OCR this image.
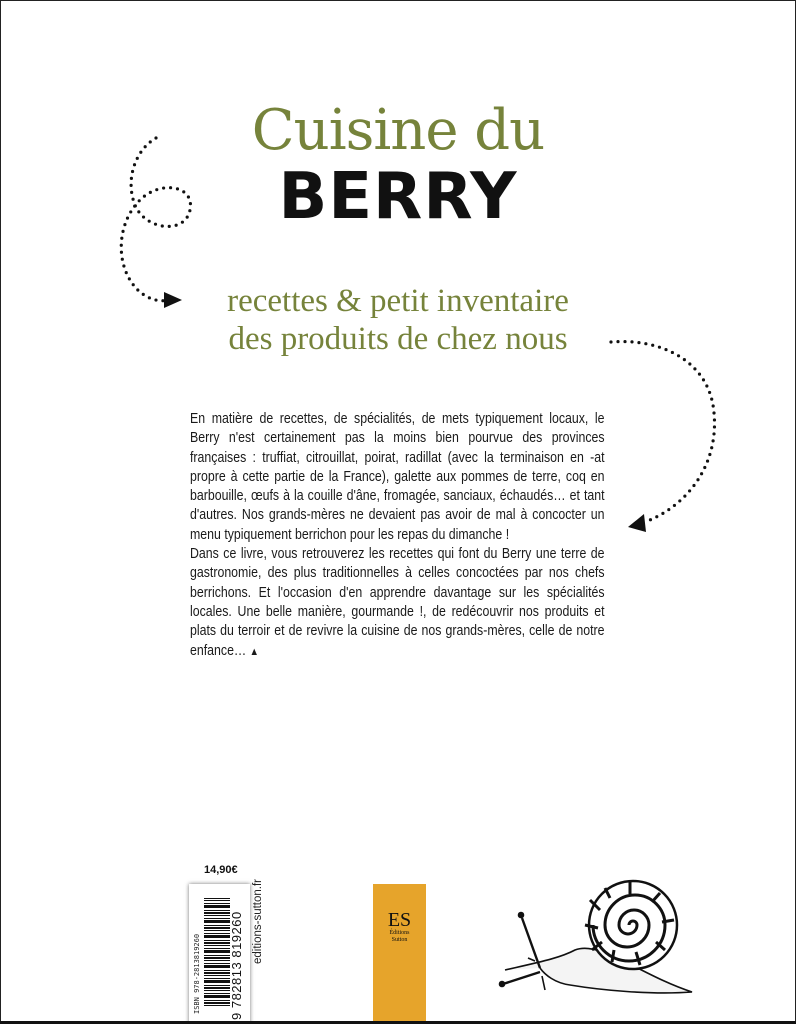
Cuisine du
BERRY
recettes & petit inventaire
des produits de chez nous

En matière de recettes, de spécialités, de mets typiquement locaux, le Berry n'est certainement pas la moins bien pourvue des provinces françaises : truffiat, citrouillat, poirat, radillat (avec la terminaison en -at propre à cette partie de la France), galette aux pommes de terre, coq en barbouille, œufs à la couille d'âne, fromagée, sanciaux, échaudés… et tant d'autres. Nos grands-mères ne devaient pas avoir de mal à concocter un menu typiquement berrichon pour les repas du dimanche !

Dans ce livre, vous retrouverez les recettes qui font du Berry une terre de gastronomie, des plus traditionnelles à celles concoctées par nos chefs berrichons. Et l'occasion d'en apprendre davantage sur les spécialités locales. Une belle manière, gourmande !, de redécouvrir nos produits et plats du terroir et de revivre la cuisine de nos grands-mères, celle de notre enfance… ▲

14,90€
ISBN 978-2813819260 9 782813 819260 editions-sutton.fr	ES
Éditions
Sutton
